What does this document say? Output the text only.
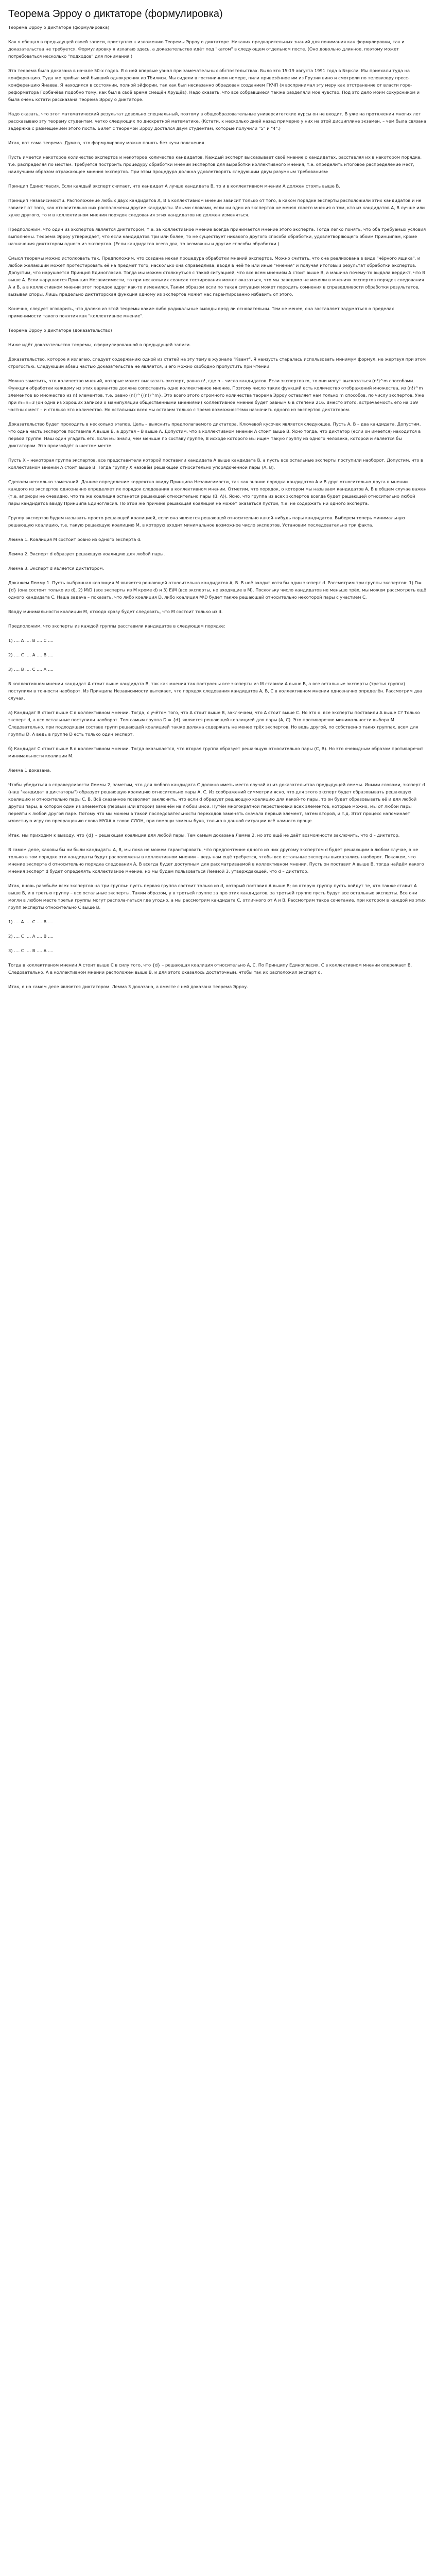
Теорема Эрроу о диктаторе (формулировка)

Теорема Эрроу о диктаторе (формулировка)

Как я обещал в предыдущей своей записи, приступлю к изложению Теоремы Эрроу о диктаторе. Никаких предварительных знаний для понимания как формулировки, так и доказательства не требуется. Формулировку я излагаю здесь, а доказательство идёт под "катом" в следующем отдельном посте. (Оно довольно длинное, поэтому может потребоваться несколько "подходов" для понимания.)

Эта теорема была доказана в начале 50-х годов. Я о ней впервые узнал при замечательных обстоятельствах. Было это 15-19 августа 1991 года в Бэркли. Мы приехали туда на конференцию. Туда же прибыл мой бывший однокурсник из Тбилиси. Мы сидели в гостиничном номере, пили привезённое им из Грузии вино и смотрели по телевизору пресс-конференцию Янаева. Я находился в состоянии, полной эйфории, так как был несказанно обрадован созданием ГКЧП (я воспринимал эту меру как отстранение от власти горе-реформатора Горбачёва подобно тому, как был в своё время смещён Хрущёв). Надо сказать, что все собравшиеся также разделяли мое чувство. Под это дело моим сокурсником и была очень кстати рассказана Теорема Эрроу о диктаторе.

Надо сказать, что этот математический результат довольно специальный, поэтому в общеобразовательные университетские курсы он не входит. В уже на протяжении многих лет рассказываю эту теорему студентам, четко следующих по дискретной математике. (Кстати, к несколько дней назад примерно у них на этой дисциплине экзамен, – чем была связана задержка с размещением этого поста. Билет с теоремой Эрроу достался двум студентам, которые получили "5" и "4".)

Итак, вот сама теорема. Думаю, что формулировку можно понять без кучи пояснения.

Пусть имеется некоторое количество экспертов и некоторое количество кандидатов. Каждый эксперт высказывает своё мнение о кандидатах, расставляя их в некотором порядке, т.е. распределяя по местам. Требуется построить процедуру обработки мнений экспертов для выработки коллективного мнения, т.е. определить итоговое распределение мест, наилучшим образом отражающее мнения экспертов. При этом процедура должна удовлетворять следующим двум разумным требованиям:

Принцип Единогласия. Если каждый эксперт считает, что кандидат А лучше кандидата В, то и в коллективном мнении А должен стоять выше В.

Принцип Независимости. Расположение любых двух кандидатов А, В в коллективном мнении зависит только от того, в каком порядке эксперты расположили этих кандидатов и не зависит от того, как относительно них расположены другие кандидаты. Иными словами, если ни один из экспертов не менял своего мнения о том, кто из кандидатов А, В лучше или хуже другого, то и в коллективном мнении порядок следования этих кандидатов не должен изменяться.

Предположим, что один из экспертов является диктатором, т.е. за коллективное мнение всегда принимается мнение этого эксперта. Тогда легко понять, что оба требуемых условия выполнены. Теорема Эрроу утверждает, что если кандидатов три или более, то не существует никакого другого способа обработки, удовлетворяющего обоим Принципам, кроме назначения диктатором одного из экспертов. (Если кандидатов всего два, то возможны и другие способы обработки.)

Смысл теоремы можно истолковать так. Предположим, что создана некая процедура обработки мнений экспертов. Можно считать, что она реализована в виде "чёрного ящика", и любой желающий может протестировать её на предмет того, насколько она справедлива, вводя в неё те или иные "мнения" и получая итоговый результат обработки экспертов. Допустим, что нарушается Принцип Единогласия. Тогда мы можем столкнуться с такой ситуацией, что все всем мнениям А стоит выше В, а машина почему-то выдала вердикт, что В выше А. Если нарушается Принцип Независимости, то при нескольких сеансах тестирования может оказаться, что мы заведомо не меняли в мнениях экспертов порядок следования А и В, а в коллективном мнении этот порядок вдруг как-то изменился. Таким образом если по такая ситуация может породить сомнения в справедливости обработки результатов, вызывая споры. Лишь предельно диктаторская функция одному из экспертов может нас гарантированно избавить от этого.

Конечно, следует оговорить, что далеко из этой теоремы какие-либо радикальные выводы вряд ли основательны. Тем не менее, она заставляет задуматься о пределах применимости такого понятия как "коллективное мнение".

Теорема Эрроу о диктаторе (доказательство)

Нижe идёт доказательство теоремы, сформулированной в предыдущей записи.

Доказательство, которое я излагаю, следует содержанию одной из статей на эту тему в журнале "Квант". Я наизусть старалась использовать минимум формул, не жертвуя при этом строгостью. Следующий абзац частью доказательства не является, и его можно свободно пропустить при чтении.

Можно заметить, что количество мнений, которые может высказать эксперт, равно n!, где n – число кандидатов. Если экспертов m, то они могут высказаться (n!)^m способами. Функция обработки каждому из этих вариантов должна сопоставить одно коллективное мнение. Поэтому число таких функций есть количество отображений множества, из (n!)^m элементов во множество из n! элементов, т.е. равно (n!)^{(n!)^m}. Это всего этого огромного количества теорема Эрроу оставляет нам только m способов, по числу экспертов. Уже при m=n=3 (он одна из хороших записей о манипуляции общественными мнениями) коллективное мнение будет равным 6 в степени 216. Вместо этого, встречаемость его на 169 частных мест – и столько это количество. Но остальных всех мы оставим только с тремя возможностями назначить одного из экспертов диктатором.

Доказательство будет проходить в несколько этапов. Цепь – выяснить предполагаемого диктатора. Ключевой кусочек является следующее. Пусть А, В – два кандидата. Допустим, что одна часть экспертов поставила А выше В, а другая – В выше А. Допустим, что в коллективном мнении А стоит выше В. Ясно тогда, что диктатор (если он имеется) находится в первой группе. Наш один угадать его. Если мы знали, чем меньше по составу группе, В исходе которого мы ищем такую группу из одного человека, которой и является бы диктатором. Это произойдёт в шестом месте.

Пусть X – некоторая группа экспертов, все представители которой поставили кандидата А выше кандидата В, а пусть все остальные эксперты поступили наоборот. Допустим, что в коллективном мнении А стоит выше В. Тогда группу X назовём решающей относительно упорядоченной пары (А, В).

Сделаем несколько замечаний. Данное определение корректно ввиду Принципа Независимости, так как знание порядка кандидатов А и В друг относительно друга в мнении каждого из экспертов однозначно определяет их порядок следования в коллективном мнении. Отметим, что порядок, о котором мы называем кандидатов А, В в общем случае важен (т.е. априори не очевидно, что та же коалиция останется решающей относительно пары (В, А)). Ясно, что группа из всех экспертов всегда будет решающей относительно любой пары кандидатов ввиду Принципа Единогласия. По этой же причине решающая коалиция не может оказаться пустой, т.е. не содержать ни одного эксперта.

Группу экспертов будем называть просто решающей коалицией, если она является решающей относительно какой-нибудь пары кандидатов. Выберем теперь минимальную решающую коалицию, т.е. такую решающую коалицию М, в которую входит минимальное возможное число экспертов. Установим последовательно три факта.

Лемма 1. Коалиция М состоит ровно из одного эксперта d.

Лемма 2. Эксперт d образует решающую коалицию для любой пары.

Лемма 3. Эксперт d является диктатором.

Докажем Лемму 1. Пусть выбранная коалиция М является решающей относительно кандидатов А, В. В неё входит хотя бы один эксперт d. Рассмотрим три группы экспертов: 1) D={d} (она состоит только из d), 2) M\D (все эксперты из М кроме d) и 3) E\M (все эксперты, не входящие в М). Поскольку число кандидатов не меньше трёх, мы можем рассмотреть ещё одного кандидата С. Наша задача – показать, что либо коалиция D, либо коалиция M\D будет также решающей относительно некоторой пары с участием С.

Вводу минимальности коалиции М, отсюда сразу будет следовать, что М состоит только из d.

Предположим, что эксперты из каждой группы расставили кандидатов в следующем порядке:

1) …. А …. В …. С ….

2) …. С …. А …. В ….

3) …. В …. С …. А ….

В коллективном мнении кандидат А стоит выше кандидата В, так как мнения так построены все эксперты из М ставили А выше В, а все остальные эксперты (третья группа) поступили в точности наоборот. Из Принципа Независимости вытекает, что порядок следования кандидатов А, В, С в коллективном мнении однозначно определён. Рассмотрим два случая.

а) Кандидат В стоит выше С в коллективном мнении. Тогда, с учётом того, что А стоит выше В, заключаем, что А стоит выше С. Но это о. все эксперты поставили А выше С? Только эксперт d, а все остальные поступили наоборот. Тем самым группа D = {d} является решающей коалицией для пары (А, С). Это противоречие минимальности выбора М. Следовательно, при подходящем составе групп решающей коалицией также должна содержать не менее трёх экспертов. Но ведь другой, по собственно таких группах, всем для группы D, А ведь в группе D есть только один эксперт.

б) Кандидат С стоит выше В в коллективном мнении. Тогда оказывается, что вторая группа образует решающую относительно пары (С, В). Но это очевидным образом противоречит минимальности коалиции М.

Лемма 1 доказана.

Чтобы убедиться в справедливости Леммы 2, заметим, что для любого кандидата С должно иметь место случай a) из доказательства предыдущей леммы. Иными словами, эксперт d (наш "кандидат в диктаторы") образует решающую коалицию относительно пары А, С. Из соображений симметрии ясно, что для этого эксперт будет образовывать решающую коалицию и относительно пары С, В. Всё сказанное позволяет заключить, что если d образует решающую коалицию для какой-то пары, то он будет образовывать её и для любой другой пары, в которой один из элементов (первый или второй) заменён на любой иной. Путём многократной перестановки всех элементов, которые можно, мы от любой пары перейти к любой другой паре. Потому что мы можем в такой последовательности переходов заменять сначала первый элемент, затем второй, и т.д. Этот процесс напоминает известную игру по превращению слова МУХА в слово СЛОН, при помощи замены букв, только в данной ситуации всё намного проще.

Итак, мы приходим к выводу, что {d} – решающая коалиция для любой пары. Тем самым доказана Лемма 2, но это ещё не даёт возможности заключить, что d – диктатор.

В самом деле, каковы бы ни были кандидаты А, В, мы пока не можем гарантировать, что предпочтение одного из них другому экспертом d будет решающим в любом случае, а не только в том порядке эти кандидаты будут расположены в коллективном мнении – ведь нам ещё требуется, чтобы все остальные эксперты высказались наоборот. Покажем, что мнение эксперта d относительно порядка следования А, В всегда будет доступным для рассматриваемой в коллективном мнении. Пусть он поставит А выше В, тогда найдём какого мнения эксперт d будет определять коллективное мнение, но мы будем пользоваться Леммой 3, утверждающей, что d – диктатор.

Итак, вновь разобьём всех экспертов на три группы: пусть первая группа состоит только из d, который поставил А выше В; во вторую группу пусть войдут те, кто также ставит А выше В, и в третью группу – все остальные эксперты. Таким образом, у в третьей группе за про этих кандидатов, за третьей группе пусть будут все остальные эксперты. Все они могли в любом месте третьи группы могут распола-гаться где угодно, а мы рассмотрим кандидата С, отличного от А и В. Рассмотрим такое сочетание, при котором в каждой из этих групп эксперты относительно С выше В:

1) …. А …. С …. В ….

2) …. С …. А …. В ….

3) …. С …. В …. А ….

Тогда в коллективном мнении А стоит выше С в силу того, что {d} – решающая коалиция относительно А, С. По Принципу Единогласия, С в коллективном мнении опережает В. Следовательно, А в коллективном мнении расположен выше В, и для этого оказалось достаточным, чтобы так их расположил эксперт d.

Итак, d на самом деле является диктатором. Лемма 3 доказана, а вместе с ней доказана теорема Эрроу.
